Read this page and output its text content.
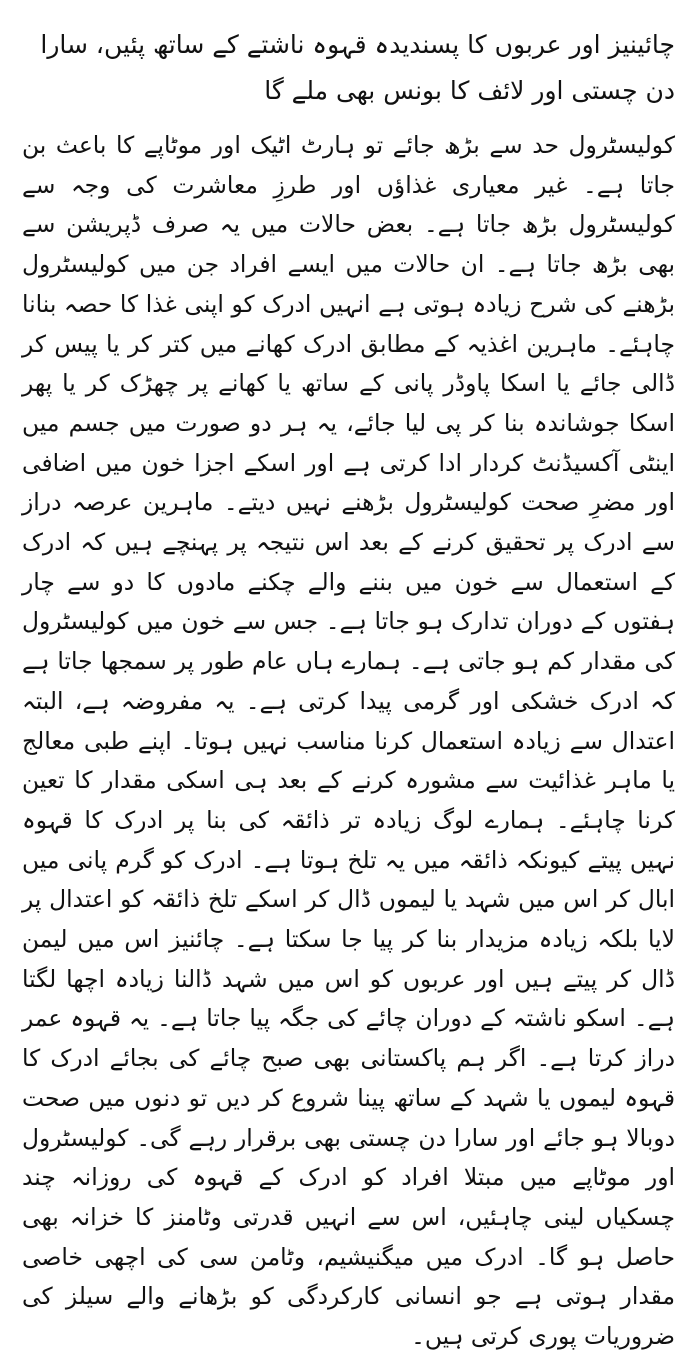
چائینیز اور عربوں کا پسندیدہ قہوہ ناشتے کے ساتھ پئیں، سارا دن چستی اور لائف کا بونس بھی ملے گا

کولیسٹرول حد سے بڑھ جائے تو ہارٹ اٹیک اور موٹاپے کا باعث بن جاتا ہے۔ غیر معیاری غذاؤں اور طرزِ معاشرت کی وجہ سے کولیسٹرول بڑھ جاتا ہے۔ بعض حالات میں یہ صرف ڈپریشن سے بھی بڑھ جاتا ہے۔ ان حالات میں ایسے افراد جن میں کولیسٹرول بڑھنے کی شرح زیادہ ہوتی ہے انہیں ادرک کو اپنی غذا کا حصہ بنانا چاہئے۔ ماہرین اغذیہ کے مطابق ادرک کھانے میں کتر کر یا پیس کر ڈالی جائے یا اسکا پاوڈر پانی کے ساتھ یا کھانے پر چھڑک کر یا پھر اسکا جوشاندہ بنا کر پی لیا جائے، یہ ہر دو صورت میں جسم میں اینٹی آکسیڈنٹ کردار ادا کرتی ہے اور اسکے اجزا خون میں اضافی اور مضرِ صحت کولیسٹرول بڑھنے نہیں دیتے۔ ماہرین عرصہ دراز سے ادرک پر تحقیق کرنے کے بعد اس نتیجہ پر پہنچے ہیں کہ ادرک کے استعمال سے خون میں بننے والے چکنے مادوں کا دو سے چار ہفتوں کے دوران تدارک ہو جاتا ہے۔ جس سے خون میں کولیسٹرول کی مقدار کم ہو جاتی ہے۔ ہمارے ہاں عام طور پر سمجھا جاتا ہے کہ ادرک خشکی اور گرمی پیدا کرتی ہے۔ یہ مفروضہ ہے، البتہ اعتدال سے زیادہ استعمال کرنا مناسب نہیں ہوتا۔ اپنے طبی معالج یا ماہر غذائیت سے مشورہ کرنے کے بعد ہی اسکی مقدار کا تعین کرنا چاہئے۔ ہمارے لوگ زیادہ تر ذائقہ کی بنا پر ادرک کا قہوہ نہیں پیتے کیونکہ ذائقہ میں یہ تلخ ہوتا ہے۔ ادرک کو گرم پانی میں ابال کر اس میں شہد یا لیموں ڈال کر اسکے تلخ ذائقہ کو اعتدال پر لایا بلکہ زیادہ مزیدار بنا کر پیا جا سکتا ہے۔ چائنیز اس میں لیمن ڈال کر پیتے ہیں اور عربوں کو اس میں شہد ڈالنا زیادہ اچھا لگتا ہے۔ اسکو ناشتہ کے دوران چائے کی جگہ پیا جاتا ہے۔ یہ قہوہ عمر دراز کرتا ہے۔ اگر ہم پاکستانی بھی صبح چائے کی بجائے ادرک کا قہوہ لیموں یا شہد کے ساتھ پینا شروع کر دیں تو دنوں میں صحت دوبالا ہو جائے اور سارا دن چستی بھی برقرار رہے گی۔ کولیسٹرول اور موٹاپے میں مبتلا افراد کو ادرک کے قہوہ کی روزانہ چند چسکیاں لینی چاہئیں، اس سے انہیں قدرتی وٹامنز کا خزانہ بھی حاصل ہو گا۔ ادرک میں میگنیشیم، وٹامن سی کی اچھی خاصی مقدار ہوتی ہے جو انسانی کارکردگی کو بڑھانے والے سیلز کی ضروریات پوری کرتی ہیں۔
